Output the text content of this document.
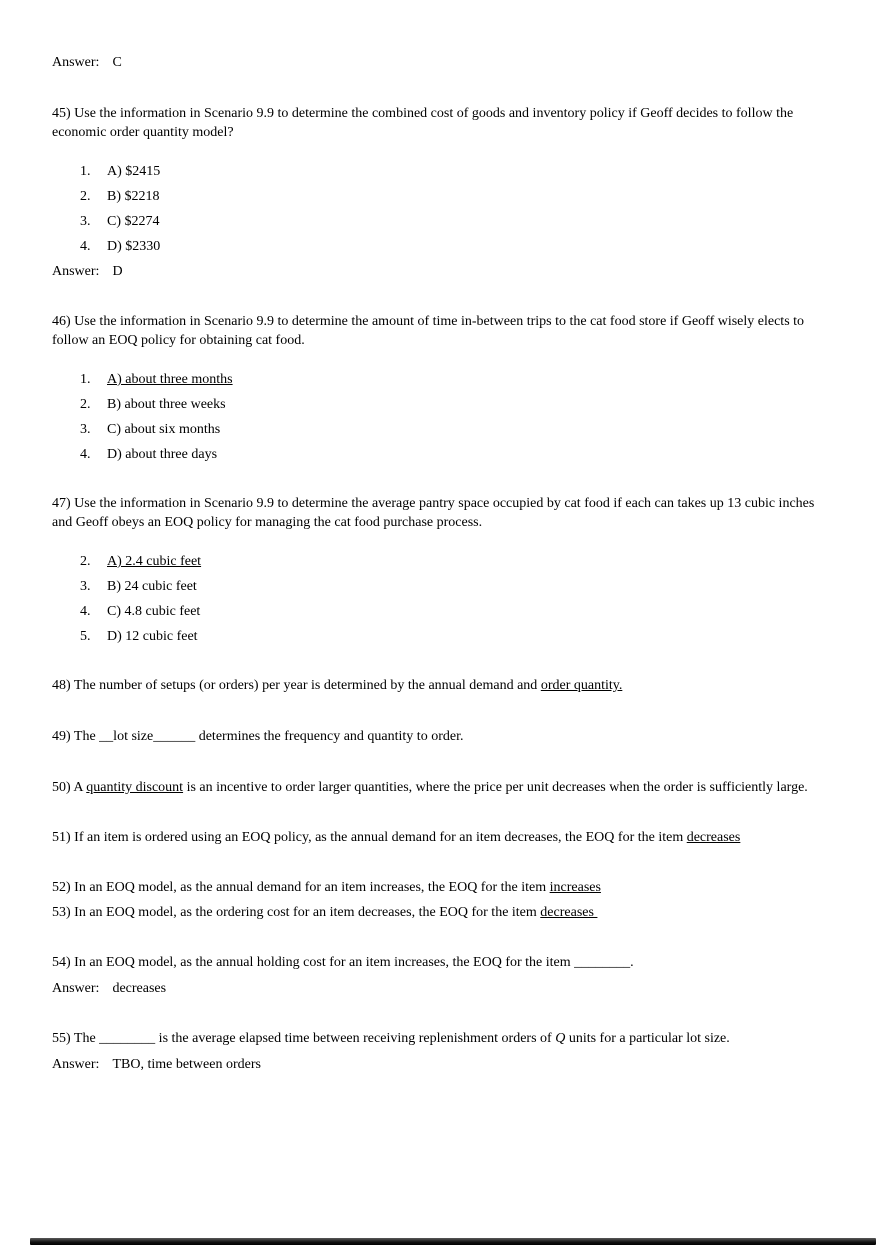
Answer: C

45) Use the information in Scenario 9.9 to determine the combined cost of goods and inventory policy if Geoff decides to follow the economic order quantity model?

1. A) $2415
2. B) $2218
3. C) $2274
4. D) $2330

Answer: D

46) Use the information in Scenario 9.9 to determine the amount of time in-between trips to the cat food store if Geoff wisely elects to follow an EOQ policy for obtaining cat food.

1. A) about three months
2. B) about three weeks
3. C) about six months
4. D) about three days

47) Use the information in Scenario 9.9 to determine the average pantry space occupied by cat food if each can takes up 13 cubic inches and Geoff obeys an EOQ policy for managing the cat food purchase process.

2. A) 2.4 cubic feet
3. B) 24 cubic feet
4. C) 4.8 cubic feet
5. D) 12 cubic feet

48) The number of setups (or orders) per year is determined by the annual demand and order quantity.

49) The __lot size______ determines the frequency and quantity to order.

50) A quantity discount is an incentive to order larger quantities, where the price per unit decreases when the order is sufficiently large.

51) If an item is ordered using an EOQ policy, as the annual demand for an item decreases, the EOQ for the item decreases

52) In an EOQ model, as the annual demand for an item increases, the EOQ for the item increases

53) In an EOQ model, as the ordering cost for an item decreases, the EOQ for the item decreases

54) In an EOQ model, as the annual holding cost for an item increases, the EOQ for the item ________.

Answer: decreases

55) The ________ is the average elapsed time between receiving replenishment orders of Q units for a particular lot size.

Answer: TBO, time between orders
